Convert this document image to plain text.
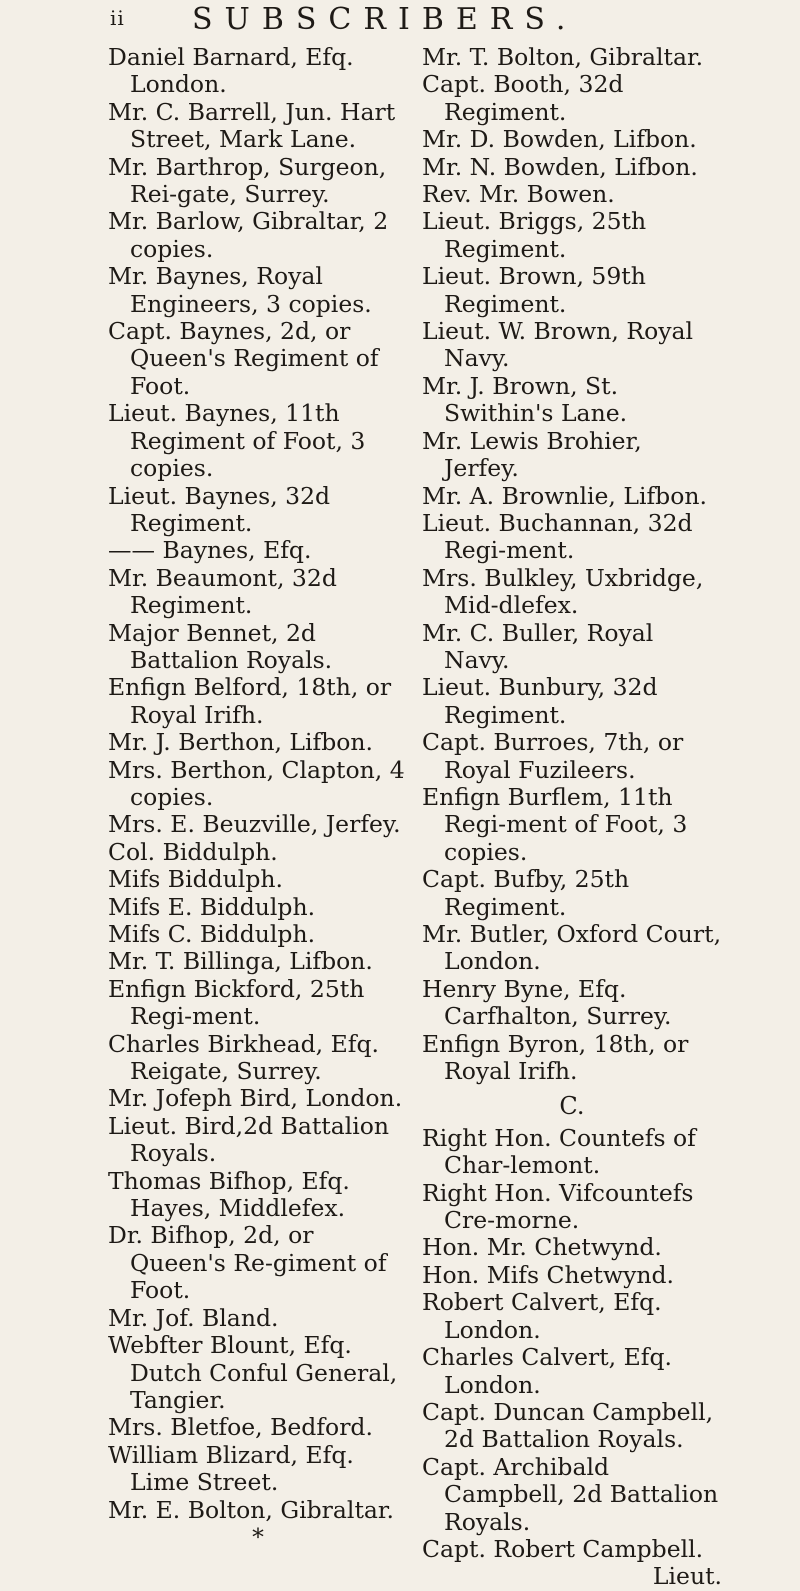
ii SUBSCRIBERS.

Daniel Barnard, Efq. London.

Mr. C. Barrell, Jun. Hart Street, Mark Lane.

Mr. Barthrop, Surgeon, Rei-gate, Surrey.

Mr. Barlow, Gibraltar, 2 copies.

Mr. Baynes, Royal Engineers, 3 copies.

Capt. Baynes, 2d, or Queen's Regiment of Foot.

Lieut. Baynes, 11th Regiment of Foot, 3 copies.

Lieut. Baynes, 32d Regiment.

—— Baynes, Efq.

Mr. Beaumont, 32d Regiment.

Major Bennet, 2d Battalion Royals.

Enfign Belford, 18th, or Royal Irifh.

Mr. J. Berthon, Lifbon.

Mrs. Berthon, Clapton, 4 copies.

Mrs. E. Beuzville, Jerfey.

Col. Biddulph.

Mifs Biddulph.

Mifs E. Biddulph.

Mifs C. Biddulph.

Mr. T. Billinga, Lifbon.

Enfign Bickford, 25th Regi-ment.

Charles Birkhead, Efq. Reigate, Surrey.

Mr. Jofeph Bird, London.

Lieut. Bird,2d Battalion Royals.

Thomas Bifhop, Efq. Hayes, Middlefex.

Dr. Bifhop, 2d, or Queen's Re-giment of Foot.

Mr. Jof. Bland.

Webfter Blount, Efq. Dutch Conful General, Tangier.

Mrs. Bletfoe, Bedford.

William Blizard, Efq. Lime Street.

Mr. E. Bolton, Gibraltar.

*

Mr. T. Bolton, Gibraltar.

Capt. Booth, 32d Regiment.

Mr. D. Bowden, Lifbon.

Mr. N. Bowden, Lifbon.

Rev. Mr. Bowen.

Lieut. Briggs, 25th Regiment.

Lieut. Brown, 59th Regiment.

Lieut. W. Brown, Royal Navy.

Mr. J. Brown, St. Swithin's Lane.

Mr. Lewis Brohier, Jerfey.

Mr. A. Brownlie, Lifbon.

Lieut. Buchannan, 32d Regi-ment.

Mrs. Bulkley, Uxbridge, Mid-dlefex.

Mr. C. Buller, Royal Navy.

Lieut. Bunbury, 32d Regiment.

Capt. Burroes, 7th, or Royal Fuzileers.

Enfign Burflem, 11th Regi-ment of Foot, 3 copies.

Capt. Bufby, 25th Regiment.

Mr. Butler, Oxford Court, London.

Henry Byne, Efq. Carfhalton, Surrey.

Enfign Byron, 18th, or Royal Irifh.

C.

Right Hon. Countefs of Char-lemont.

Right Hon. Vifcountefs Cre-morne.

Hon. Mr. Chetwynd.

Hon. Mifs Chetwynd.

Robert Calvert, Efq. London.

Charles Calvert, Efq. London.

Capt. Duncan Campbell, 2d Battalion Royals.

Capt. Archibald Campbell, 2d Battalion Royals.

Capt. Robert Campbell.

Lieut.
